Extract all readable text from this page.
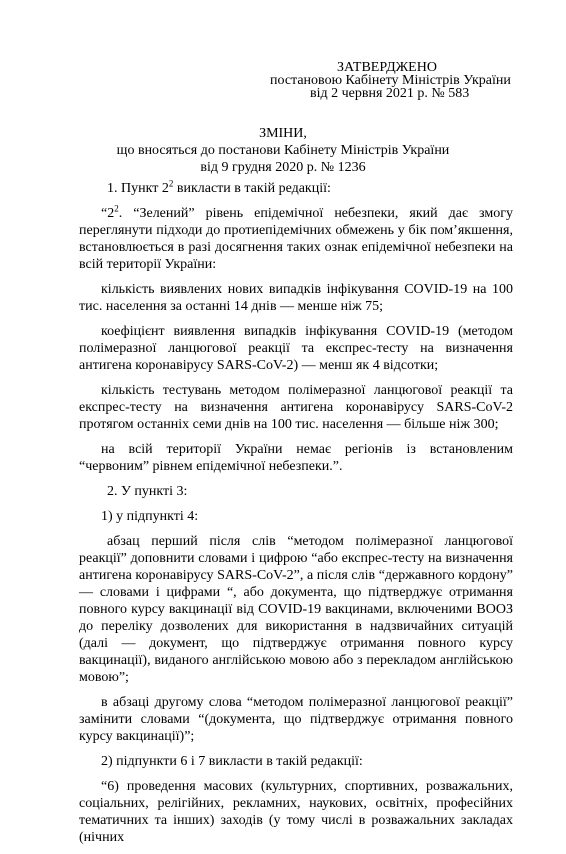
ЗАТВЕРДЖЕНО
постановою Кабінету Міністрів України
від 2 червня 2021 р. № 583
ЗМІНИ,
що вносяться до постанови Кабінету Міністрів України
від 9 грудня 2020 р. № 1236

1. Пункт $2^2$ викласти в такій редакції:

“$2^2$. “Зелений” рівень епідемічної небезпеки, який дає змогу переглянути підходи до протиепідемічних обмежень у бік пом’якшення, встановлюється в разі досягнення таких ознак епідемічної небезпеки на всій території України:

кількість виявлених нових випадків інфікування COVID-19 на 100 тис. населення за останні 14 днів — менше ніж 75;

коефіцієнт виявлення випадків інфікування COVID-19 (методом полімеразної ланцюгової реакції та експрес-тесту на визначення антигена коронавірусу SARS-CoV-2) — менш як 4 відсотки;

кількість тестувань методом полімеразної ланцюгової реакції та експрес-тесту на визначення антигена коронавірусу SARS-CoV-2 протягом останніх семи днів на 100 тис. населення — більше ніж 300;

на всій території України немає регіонів із встановленим “червоним” рівнем епідемічної небезпеки.”.

2. У пункті 3:

1) у підпункті 4:

абзац перший після слів “методом полімеразної ланцюгової реакції” доповнити словами і цифрою “або експрес-тесту на визначення антигена коронавірусу SARS-CoV-2”, а після слів “державного кордону” — словами і цифрами “, або документа, що підтверджує отримання повного курсу вакцинації від COVID-19 вакцинами, включеними ВООЗ до переліку дозволених для використання в надзвичайних ситуацій (далі — документ, що підтверджує отримання повного курсу вакцинації), виданого англійською мовою або з перекладом англійською мовою”;

в абзаці другому слова “методом полімеразної ланцюгової реакції” замінити словами “(документа, що підтверджує отримання повного курсу вакцинації)”;

2) підпункти 6 і 7 викласти в такій редакції:

“6) проведення масових (культурних, спортивних, розважальних, соціальних, релігійних, рекламних, наукових, освітніх, професійних тематичних та інших) заходів (у тому числі в розважальних закладах (нічних
